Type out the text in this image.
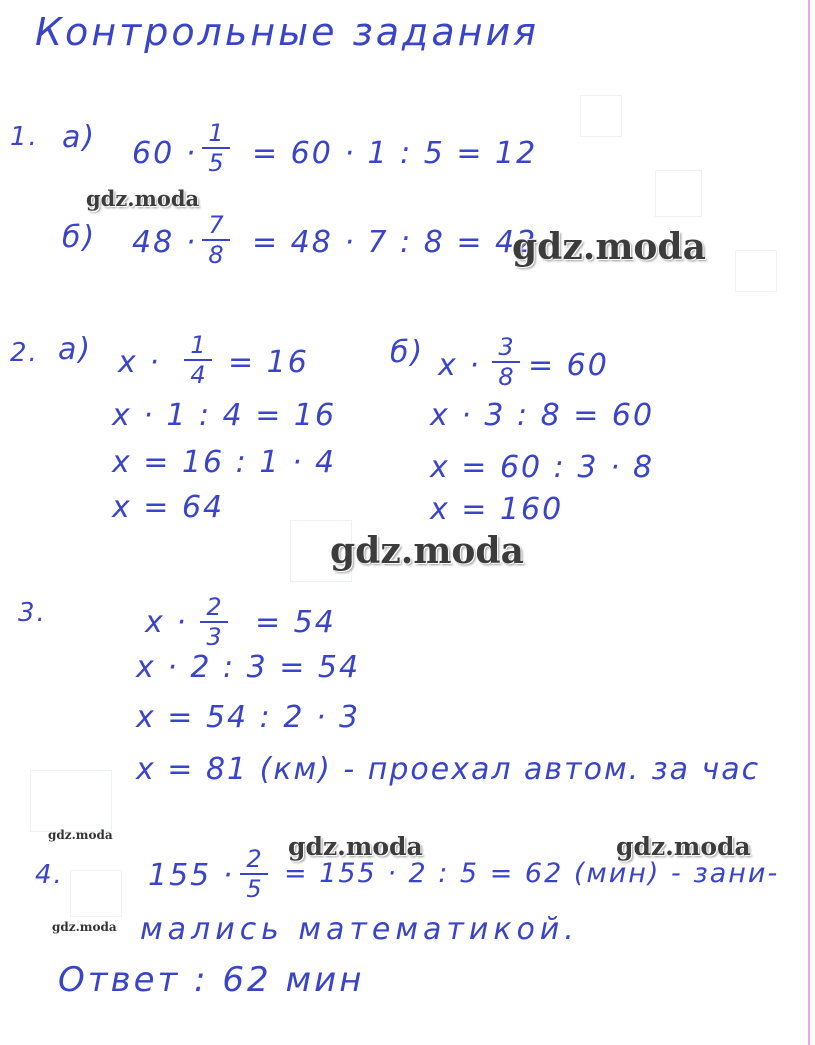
Контрольные задания
1. а) 60 ·
1
5 = 60 · 1 : 5 = 12
б) 48 · 7
8 = 48 · 7 : 8 = 42
2. а) x · 1
4 = 16
x · 1 : 4 = 16
x = 16 : 1 · 4
x = 64
б) x ·
3
8 = 60
x · 3 : 8 = 60
x = 60 : 3 · 8
x = 160
3.	x · 2
3 = 54
x · 2 : 3 = 54
x = 54 : 2 · 3
x = 81 (км) - проехал автом. за час
4.	155 · 2
5 = 155 · 2 : 5 = 62 (мин) - зани-
мались математикой.
Ответ : 62 мин
gdz.moda
gdz.moda
gdz.moda
gdz.moda	gdz.moda	gdz.moda
gdz.moda
